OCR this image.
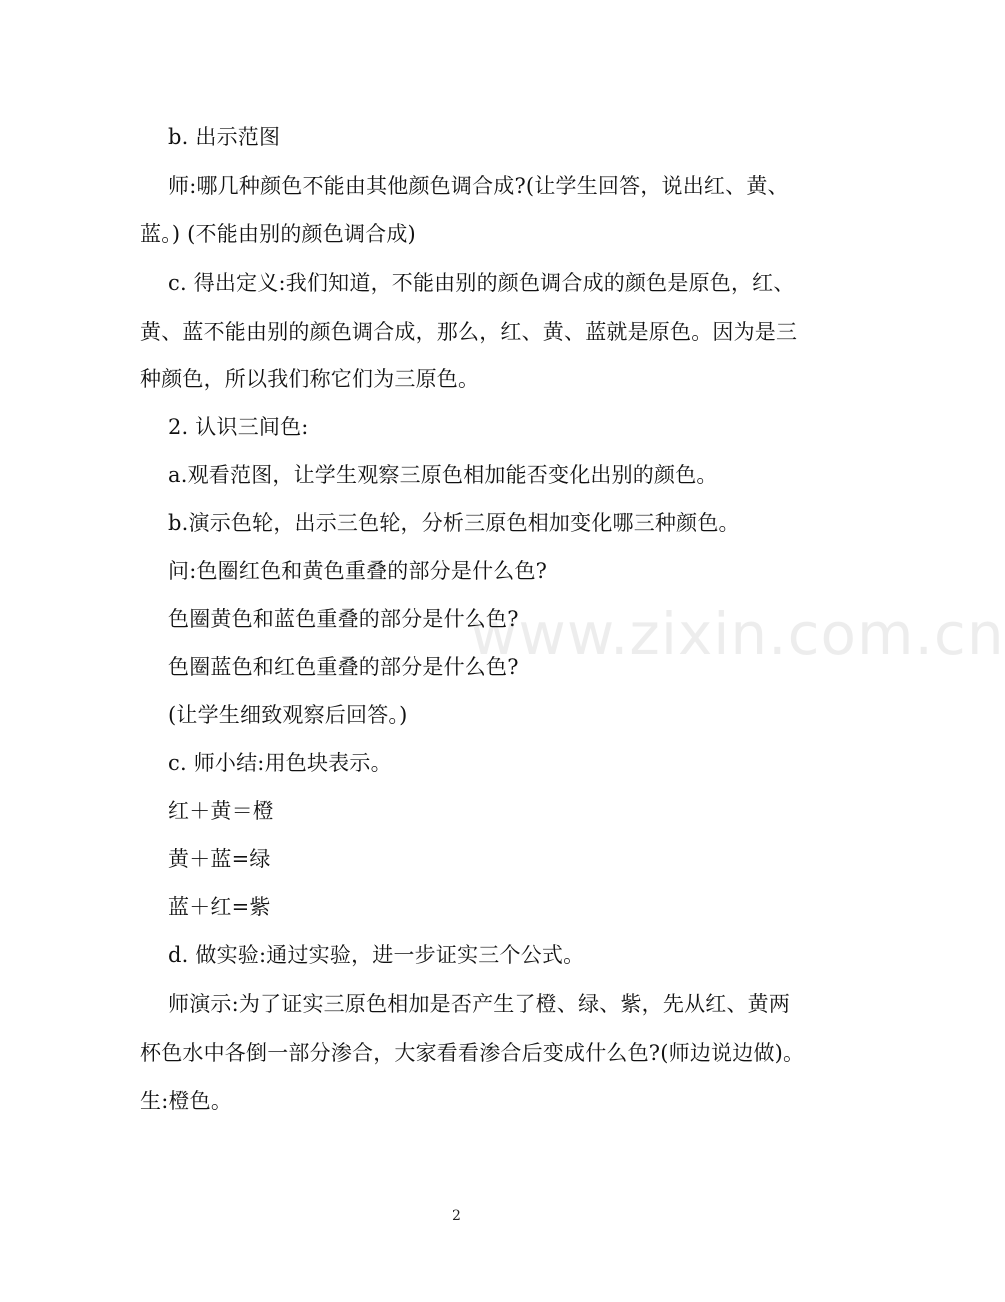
www.zixin.com.cn
b. 出示范图
师:哪几种颜色不能由其他颜色调合成?(让学生回答，说出红、黄、
蓝。) (不能由别的颜色调合成)
c. 得出定义:我们知道，不能由别的颜色调合成的颜色是原色，红、
黄、蓝不能由别的颜色调合成，那么，红、黄、蓝就是原色。因为是三
种颜色，所以我们称它们为三原色。
2. 认识三间色:
a.观看范图，让学生观察三原色相加能否变化出别的颜色。
b.演示色轮，出示三色轮，分析三原色相加变化哪三种颜色。
问:色圈红色和黄色重叠的部分是什么色?
色圈黄色和蓝色重叠的部分是什么色?
色圈蓝色和红色重叠的部分是什么色?
(让学生细致观察后回答。)
c. 师小结:用色块表示。
红＋黄＝橙
黄＋蓝=绿
蓝＋红=紫
d. 做实验:通过实验，进一步证实三个公式。
师演示:为了证实三原色相加是否产生了橙、绿、紫，先从红、黄两
杯色水中各倒一部分渗合，大家看看渗合后变成什么色?(师边说边做)。
生:橙色。
2
